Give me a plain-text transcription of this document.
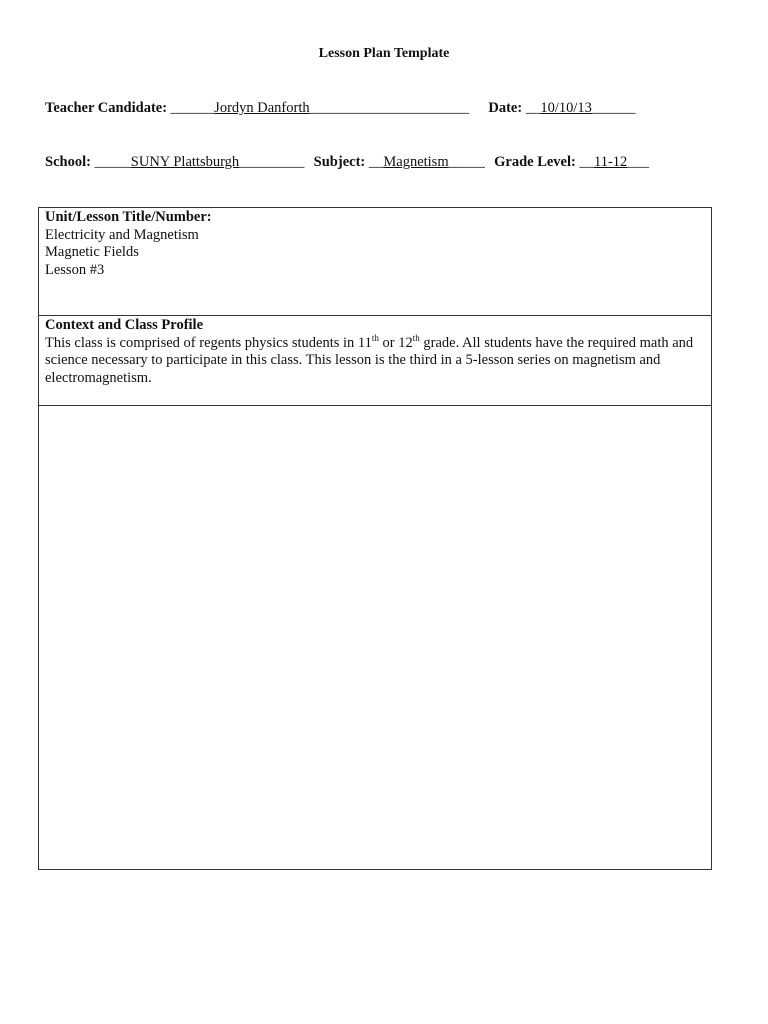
Lesson Plan Template
Teacher Candidate: ______Jordyn Danforth______________________ Date: __10/10/13______
School: _____SUNY Plattsburgh_________ Subject: __Magnetism_____ Grade Level: __11-12___
Unit/Lesson Title/Number:
Electricity and Magnetism
Magnetic Fields
Lesson #3
Context and Class Profile
This class is comprised of regents physics students in 11th or 12th grade. All students have the required math and science necessary to participate in this class. This lesson is the third in a 5-lesson series on magnetism and electromagnetism.
